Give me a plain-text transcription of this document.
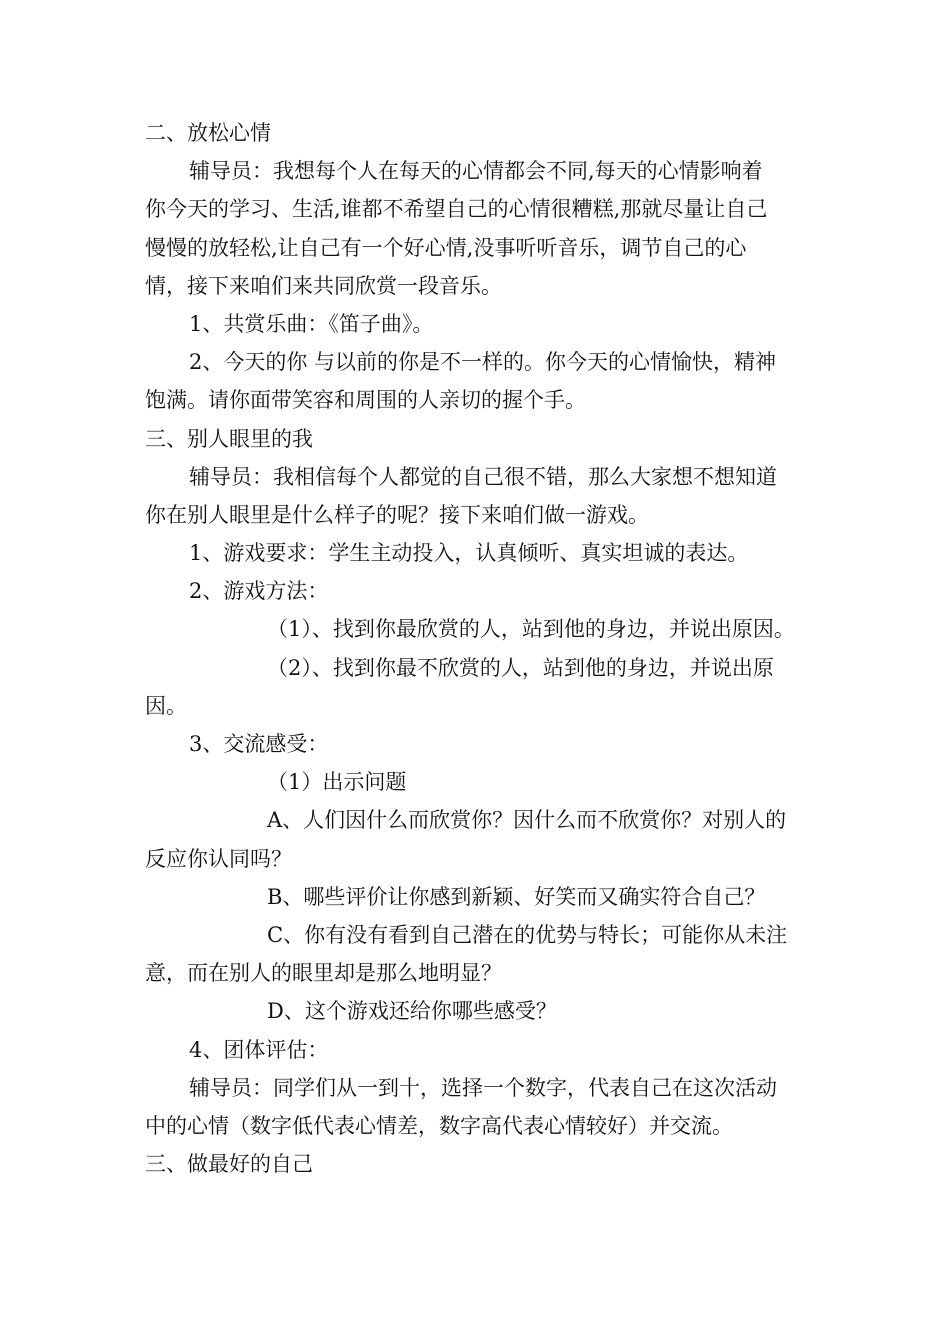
二、放松心情
辅导员：我想每个人在每天的心情都会不同,每天的心情影响着
你今天的学习、生活,谁都不希望自己的心情很糟糕,那就尽量让自己
慢慢的放轻松,让自己有一个好心情,没事听听音乐，调节自己的心
情，接下来咱们来共同欣赏一段音乐。
1、共赏乐曲：《笛子曲》。
2、今天的你 与以前的你是不一样的。你今天的心情愉快，精神
饱满。请你面带笑容和周围的人亲切的握个手。
三、别人眼里的我
辅导员：我相信每个人都觉的自己很不错，那么大家想不想知道
你在别人眼里是什么样子的呢？接下来咱们做一游戏。
1、游戏要求：学生主动投入，认真倾听、真实坦诚的表达。
2、游戏方法：
（1）、找到你最欣赏的人，站到他的身边，并说出原因。
（2）、找到你最不欣赏的人，站到他的身边，并说出原
因。
3、交流感受：
（1）出示问题
A、人们因什么而欣赏你？因什么而不欣赏你？对别人的
反应你认同吗？
B、哪些评价让你感到新颖、好笑而又确实符合自己？
C、你有没有看到自己潜在的优势与特长；可能你从未注
意，而在别人的眼里却是那么地明显？
D、这个游戏还给你哪些感受？
4、团体评估：
辅导员：同学们从一到十，选择一个数字，代表自己在这次活动
中的心情（数字低代表心情差，数字高代表心情较好）并交流。
三、做最好的自己
